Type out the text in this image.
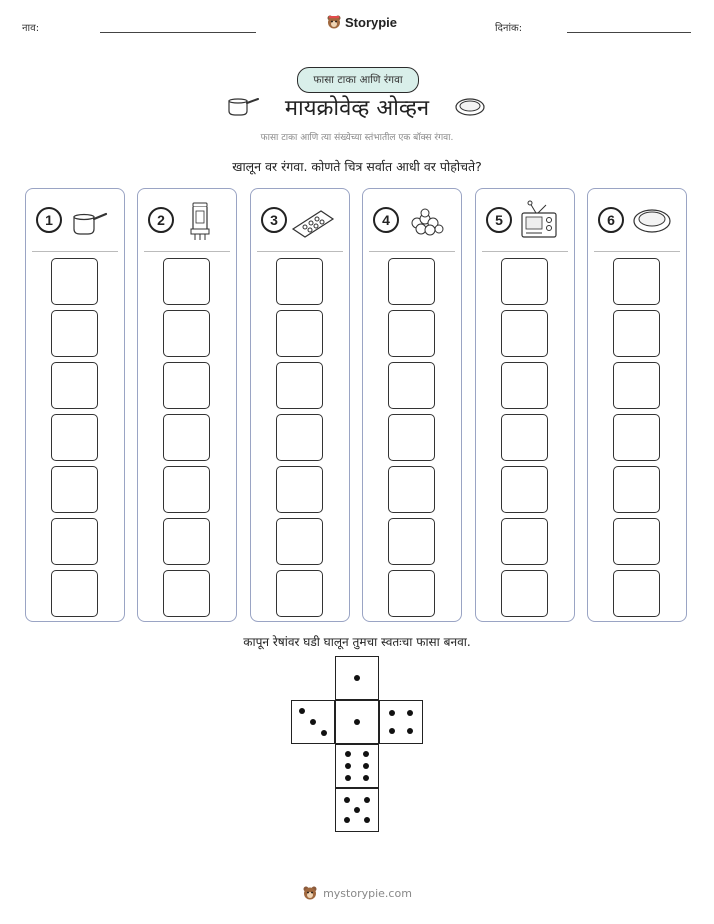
नाव:	Storypie	दिनांक:
फासा टाका आणि रंगवा
मायक्रोवेव्ह ओव्हन
फासा टाका आणि त्या संख्येच्या स्तंभातील एक बॉक्स रंगवा.
खालून वर रंगवा. कोणते चित्र सर्वात आधी वर पोहोचते?
1	2	3	4	5	6
कापून रेषांवर घडी घालून तुमचा स्वतःचा फासा बनवा.
mystorypie.com
